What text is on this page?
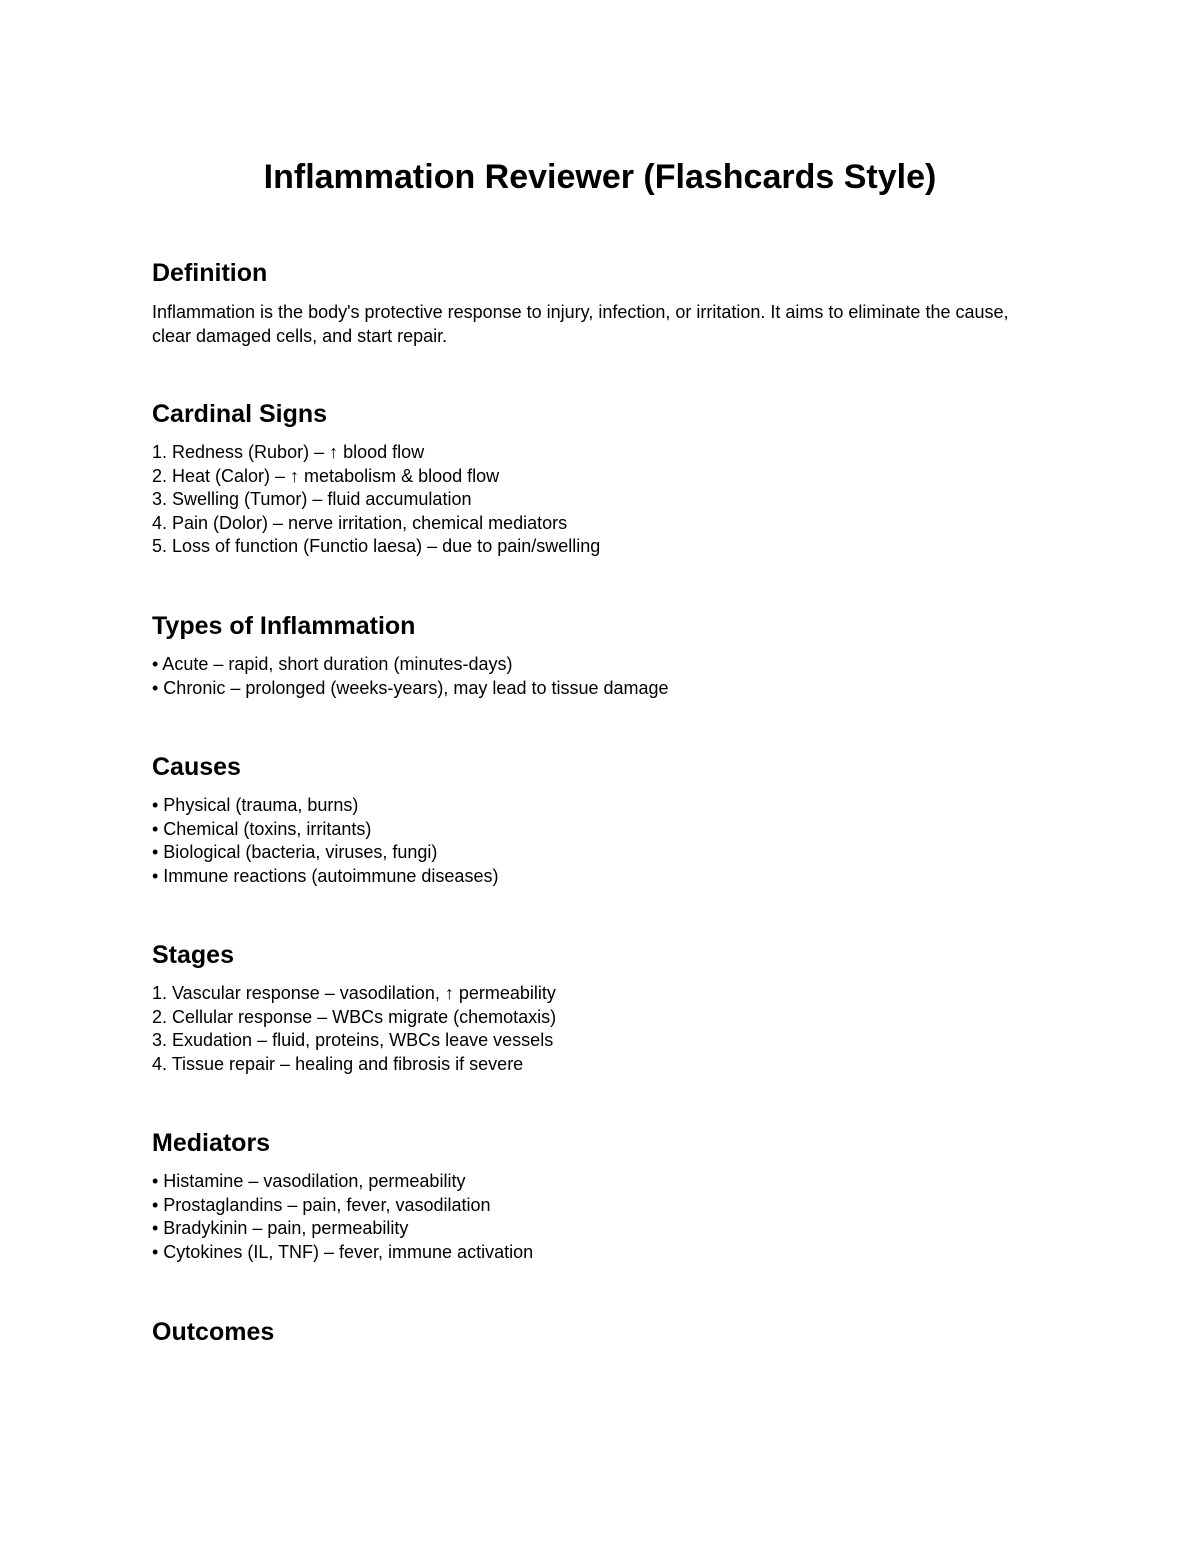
Inflammation Reviewer (Flashcards Style)
Definition

Inflammation is the body's protective response to injury, infection, or irritation. It aims to eliminate the cause, clear damaged cells, and start repair.

Cardinal Signs
1. Redness (Rubor) – ↑ blood flow
2. Heat (Calor) – ↑ metabolism & blood flow
3. Swelling (Tumor) – fluid accumulation
4. Pain (Dolor) – nerve irritation, chemical mediators
5. Loss of function (Functio laesa) – due to pain/swelling
Types of Inflammation
• Acute – rapid, short duration (minutes-days)
• Chronic – prolonged (weeks-years), may lead to tissue damage
Causes
• Physical (trauma, burns)
• Chemical (toxins, irritants)
• Biological (bacteria, viruses, fungi)
• Immune reactions (autoimmune diseases)
Stages
1. Vascular response – vasodilation, ↑ permeability
2. Cellular response – WBCs migrate (chemotaxis)
3. Exudation – fluid, proteins, WBCs leave vessels
4. Tissue repair – healing and fibrosis if severe
Mediators
• Histamine – vasodilation, permeability
• Prostaglandins – pain, fever, vasodilation
• Bradykinin – pain, permeability
• Cytokines (IL, TNF) – fever, immune activation
Outcomes
